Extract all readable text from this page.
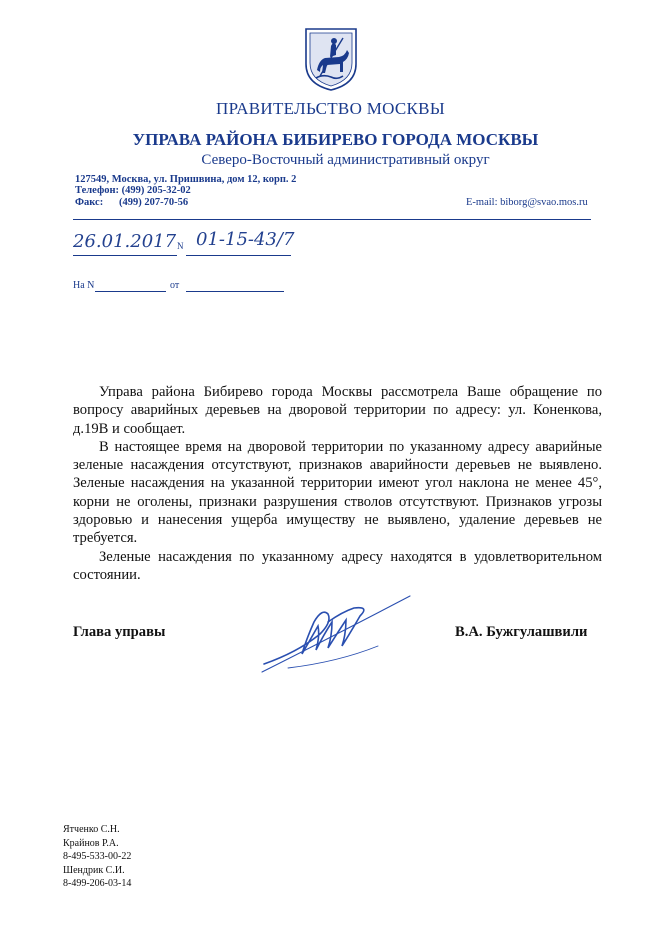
ПРАВИТЕЛЬСТВО МОСКВЫ
УПРАВА РАЙОНА БИБИРЕВО ГОРОДА МОСКВЫ
Северо-Восточный административный округ
127549, Москва, ул. Пришвина, дом 12, корп. 2
Телефон: (499) 205-32-02
Факс: (499) 207-70-56	E-mail: biborg@svao.mos.ru
26.01.2017 N 01-15-43/7
На N	от

Управа района Бибирево города Москвы рассмотрела Ваше обращение по вопросу аварийных деревьев на дворовой территории по адресу: ул. Коненкова, д.19В и сообщает.

В настоящее время на дворовой территории по указанному адресу аварийные зеленые насаждения отсутствуют, признаков аварийности деревьев не выявлено. Зеленые насаждения на указанной территории имеют угол наклона не менее 45°, корни не оголены, признаки разрушения стволов отсутствуют. Признаков угрозы здоровью и нанесения ущерба имуществу не выявлено, удаление деревьев не требуется.

Зеленые насаждения по указанному адресу находятся в удовлетворительном состоянии.

Глава управы	В.А. Бужгулашвили
Ятченко С.Н.
Крайнов Р.А.
8-495-533-00-22
Шендрик С.И.
8-499-206-03-14
